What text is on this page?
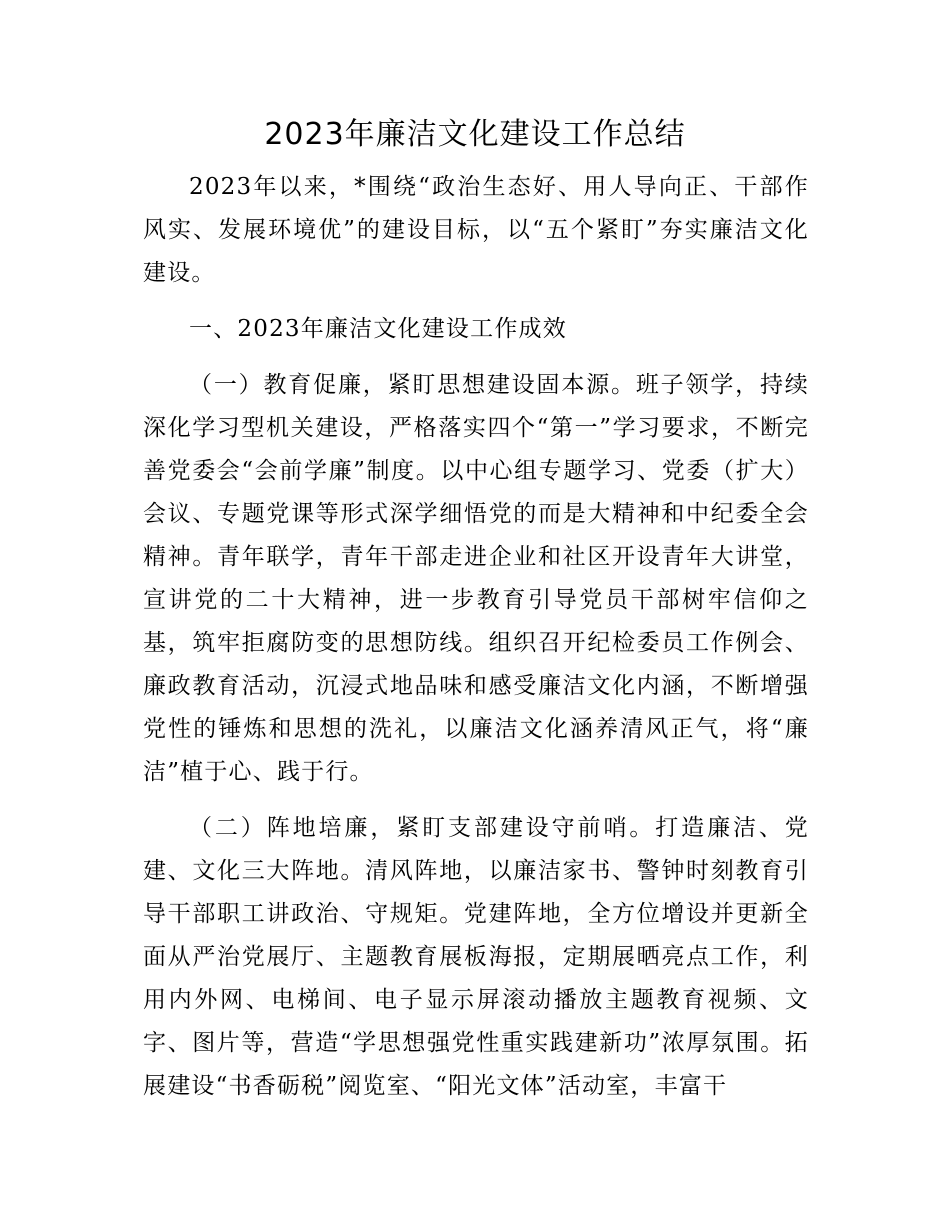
2023年廉洁文化建设工作总结

2023年以来，*围绕“政治生态好、用人导向正、干部作风实、发展环境优”的建设目标，以“五个紧盯”夯实廉洁文化建设。

一、2023年廉洁文化建设工作成效

（一）教育促廉，紧盯思想建设固本源。班子领学，持续深化学习型机关建设，严格落实四个“第一”学习要求，不断完善党委会“会前学廉”制度。以中心组专题学习、党委（扩大）会议、专题党课等形式深学细悟党的而是大精神和中纪委全会精神。青年联学，青年干部走进企业和社区开设青年大讲堂，宣讲党的二十大精神，进一步教育引导党员干部树牢信仰之基，筑牢拒腐防变的思想防线。组织召开纪检委员工作例会、廉政教育活动，沉浸式地品味和感受廉洁文化内涵，不断增强党性的锤炼和思想的洗礼，以廉洁文化涵养清风正气，将“廉洁”植于心、践于行。

（二）阵地培廉，紧盯支部建设守前哨。打造廉洁、党建、文化三大阵地。清风阵地，以廉洁家书、警钟时刻教育引导干部职工讲政治、守规矩。党建阵地，全方位增设并更新全面从严治党展厅、主题教育展板海报，定期展晒亮点工作，利用内外网、电梯间、电子显示屏滚动播放主题教育视频、文字、图片等，营造“学思想强党性重实践建新功”浓厚氛围。拓展建设“书香砺税”阅览室、“阳光文体”活动室，丰富干
